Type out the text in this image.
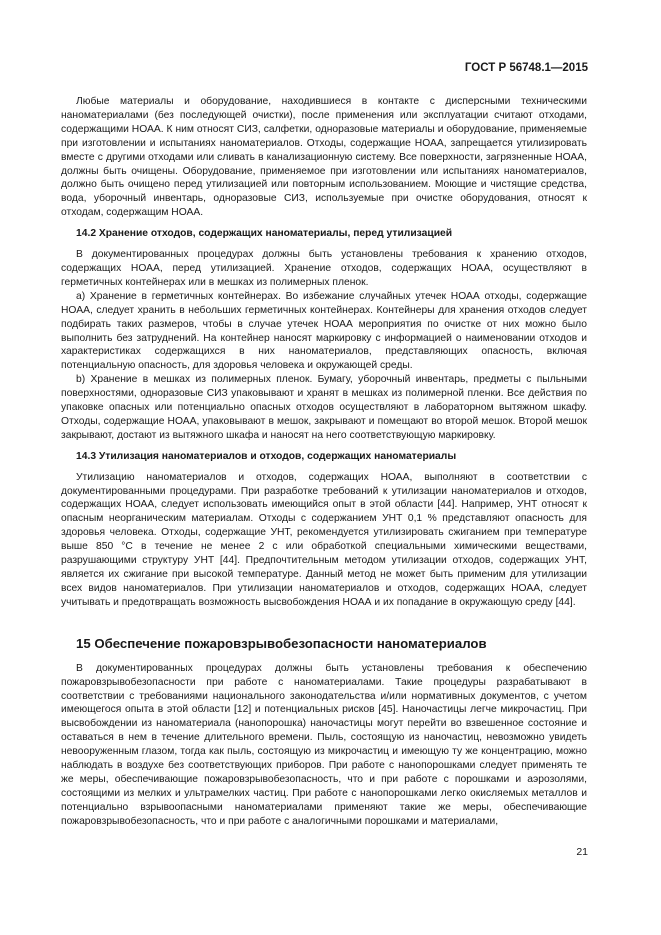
ГОСТ Р 56748.1—2015

Любые материалы и оборудование, находившиеся в контакте с дисперсными техническими наноматериалами (без последующей очистки), после применения или эксплуатации считают отходами, содержащими НОАА. К ним относят СИЗ, салфетки, одноразовые материалы и оборудование, применяемые при изготовлении и испытаниях наноматериалов. Отходы, содержащие НОАА, запрещается утилизировать вместе с другими отходами или сливать в канализационную систему. Все поверхности, загрязненные НОАА, должны быть очищены. Оборудование, применяемое при изготовлении или испытаниях наноматериалов, должно быть очищено перед утилизацией или повторным использованием. Моющие и чистящие средства, вода, уборочный инвентарь, одноразовые СИЗ, используемые при очистке оборудования, относят к отходам, содержащим НОАА.

14.2 Хранение отходов, содержащих наноматериалы, перед утилизацией

В документированных процедурах должны быть установлены требования к хранению отходов, содержащих НОАА, перед утилизацией. Хранение отходов, содержащих НОАА, осуществляют в герметичных контейнерах или в мешках из полимерных пленок.

а) Хранение в герметичных контейнерах. Во избежание случайных утечек НОАА отходы, содержащие НОАА, следует хранить в небольших герметичных контейнерах. Контейнеры для хранения отходов следует подбирать таких размеров, чтобы в случае утечек НОАА мероприятия по очистке от них можно было выполнить без затруднений. На контейнер наносят маркировку с информацией о наименовании отходов и характеристиках содержащихся в них наноматериалов, представляющих опасность, включая потенциальную опасность, для здоровья человека и окружающей среды.

b) Хранение в мешках из полимерных пленок. Бумагу, уборочный инвентарь, предметы с пыльными поверхностями, одноразовые СИЗ упаковывают и хранят в мешках из полимерной пленки. Все действия по упаковке опасных или потенциально опасных отходов осуществляют в лабораторном вытяжном шкафу. Отходы, содержащие НОАА, упаковывают в мешок, закрывают и помещают во второй мешок. Второй мешок закрывают, достают из вытяжного шкафа и наносят на него соответствующую маркировку.

14.3 Утилизация наноматериалов и отходов, содержащих наноматериалы

Утилизацию наноматериалов и отходов, содержащих НОАА, выполняют в соответствии с документированными процедурами. При разработке требований к утилизации наноматериалов и отходов, содержащих НОАА, следует использовать имеющийся опыт в этой области [44]. Например, УНТ относят к опасным неорганическим материалам. Отходы с содержанием УНТ 0,1 % представляют опасность для здоровья человека. Отходы, содержащие УНТ, рекомендуется утилизировать сжиганием при температуре выше 850 °С в течение не менее 2 с или обработкой специальными химическими веществами, разрушающими структуру УНТ [44]. Предпочтительным методом утилизации отходов, содержащих УНТ, является их сжигание при высокой температуре. Данный метод не может быть применим для утилизации всех видов наноматериалов. При утилизации наноматериалов и отходов, содержащих НОАА, следует учитывать и предотвращать возможность высвобождения НОАА и их попадание в окружающую среду [44].

15 Обеспечение пожаровзрывобезопасности наноматериалов

В документированных процедурах должны быть установлены требования к обеспечению пожаровзрывобезопасности при работе с наноматериалами. Такие процедуры разрабатывают в соответствии с требованиями национального законодательства и/или нормативных документов, с учетом имеющегося опыта в этой области [12] и потенциальных рисков [45]. Наночастицы легче микрочастиц. При высвобождении из наноматериала (нанопорошка) наночастицы могут перейти во взвешенное состояние и оставаться в нем в течение длительного времени. Пыль, состоящую из наночастиц, невозможно увидеть невооруженным глазом, тогда как пыль, состоящую из микрочастиц и имеющую ту же концентрацию, можно наблюдать в воздухе без соответствующих приборов. При работе с нанопорошками следует применять те же меры, обеспечивающие пожаровзрывобезопасность, что и при работе с порошками и аэрозолями, состоящими из мелких и ультрамелких частиц. При работе с нанопорошками легко окисляемых металлов и потенциально взрывоопасными наноматериалами применяют такие же меры, обеспечивающие пожаровзрывобезопасность, что и при работе с аналогичными порошками и материалами,

21
